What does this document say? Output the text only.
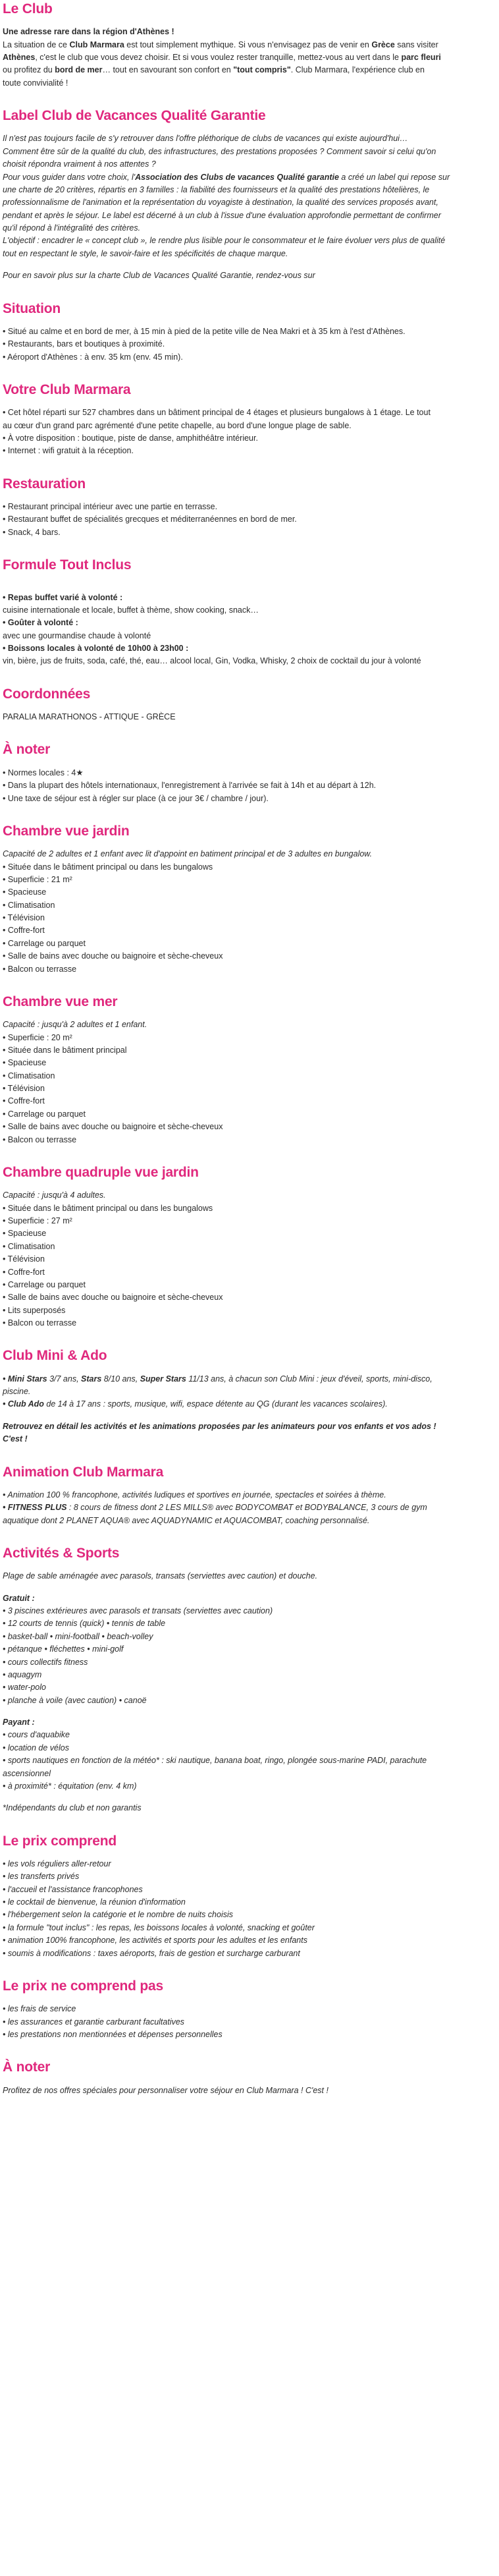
Le Club
Une adresse rare dans la région d'Athènes !
La situation de ce Club Marmara est tout simplement mythique. Si vous n'envisagez pas de venir en Grèce sans visiter
Athènes, c'est le club que vous devez choisir. Et si vous voulez rester tranquille, mettez-vous au vert dans le parc fleuri
ou profitez du bord de mer… tout en savourant son confort en "tout compris". Club Marmara, l'expérience club en
toute convivialité !
Label Club de Vacances Qualité Garantie
Il n'est pas toujours facile de s'y retrouver dans l'offre pléthorique de clubs de vacances qui existe aujourd'hui…
Comment être sûr de la qualité du club, des infrastructures, des prestations proposées ? Comment savoir si celui qu'on
choisit répondra vraiment à nos attentes ?
Pour vous guider dans votre choix, l'Association des Clubs de vacances Qualité garantie a créé un label qui repose sur
une charte de 20 critères, répartis en 3 familles : la fiabilité des fournisseurs et la qualité des prestations hôtelières, le
professionnalisme de l'animation et la représentation du voyagiste à destination, la qualité des services proposés avant,
pendant et après le séjour. Le label est décerné à un club à l'issue d'une évaluation approfondie permettant de confirmer
qu'il répond à l'intégralité des critères.
L'objectif : encadrer le « concept club », le rendre plus lisible pour le consommateur et le faire évoluer vers plus de qualité
tout en respectant le style, le savoir-faire et les spécificités de chaque marque.
Pour en savoir plus sur la charte Club de Vacances Qualité Garantie, rendez-vous sur
Situation
• Situé au calme et en bord de mer, à 15 min à pied de la petite ville de Nea Makri et à 35 km à l'est d'Athènes.
• Restaurants, bars et boutiques à proximité.
• Aéroport d'Athènes : à env. 35 km (env. 45 min).
Votre Club Marmara
• Cet hôtel réparti sur 527 chambres dans un bâtiment principal de 4 étages et plusieurs bungalows à 1 étage. Le tout
au cœur d'un grand parc agrémenté d'une petite chapelle, au bord d'une longue plage de sable.
• À votre disposition : boutique, piste de danse, amphithéâtre intérieur.
• Internet : wifi gratuit à la réception.
Restauration
• Restaurant principal intérieur avec une partie en terrasse.
• Restaurant buffet de spécialités grecques et méditerranéennes en bord de mer.
• Snack, 4 bars.
Formule Tout Inclus
• Repas buffet varié à volonté :
cuisine internationale et locale, buffet à thème, show cooking, snack…
• Goûter à volonté :
avec une gourmandise chaude à volonté
• Boissons locales à volonté de 10h00 à 23h00 :
vin, bière, jus de fruits, soda, café, thé, eau… alcool local, Gin, Vodka, Whisky, 2 choix de cocktail du jour à volonté
Coordonnées
PARALIA MARATHONOS - ATTIQUE - GRÈCE
À noter
• Normes locales : 4★
• Dans la plupart des hôtels internationaux, l'enregistrement à l'arrivée se fait à 14h et au départ à 12h.
• Une taxe de séjour est à régler sur place (à ce jour 3€ / chambre / jour).
Chambre vue jardin
Capacité de 2 adultes et 1 enfant avec lit d'appoint en batiment principal et de 3 adultes en bungalow.
• Située dans le bâtiment principal ou dans les bungalows
• Superficie : 21 m²
• Spacieuse
• Climatisation
• Télévision
• Coffre-fort
• Carrelage ou parquet
• Salle de bains avec douche ou baignoire et sèche-cheveux
• Balcon ou terrasse
Chambre vue mer
Capacité : jusqu'à 2 adultes et 1 enfant.
• Superficie : 20 m²
• Située dans le bâtiment principal
• Spacieuse
• Climatisation
• Télévision
• Coffre-fort
• Carrelage ou parquet
• Salle de bains avec douche ou baignoire et sèche-cheveux
• Balcon ou terrasse
Chambre quadruple vue jardin
Capacité : jusqu'à 4 adultes.
• Située dans le bâtiment principal ou dans les bungalows
• Superficie : 27 m²
• Spacieuse
• Climatisation
• Télévision
• Coffre-fort
• Carrelage ou parquet
• Salle de bains avec douche ou baignoire et sèche-cheveux
• Lits superposés
• Balcon ou terrasse
Club Mini & Ado
• Mini Stars 3/7 ans, Stars 8/10 ans, Super Stars 11/13 ans, à chacun son Club Mini : jeux d'éveil, sports, mini-disco,
piscine.
• Club Ado de 14 à 17 ans : sports, musique, wifi, espace détente au QG (durant les vacances scolaires).
Retrouvez en détail les activités et les animations proposées par les animateurs pour vos enfants et vos ados !
C'est !
Animation Club Marmara
• Animation 100 % francophone, activités ludiques et sportives en journée, spectacles et soirées à thème.
• FITNESS PLUS : 8 cours de fitness dont 2 LES MILLS® avec BODYCOMBAT et BODYBALANCE, 3 cours de gym
aquatique dont 2 PLANET AQUA® avec AQUADYNAMIC et AQUACOMBAT, coaching personnalisé.
Activités & Sports
Plage de sable aménagée avec parasols, transats (serviettes avec caution) et douche.
Gratuit :
• 3 piscines extérieures avec parasols et transats (serviettes avec caution)
• 12 courts de tennis (quick) • tennis de table
• basket-ball • mini-football • beach-volley
• pétanque • fléchettes • mini-golf
• cours collectifs fitness
• aquagym
• water-polo
• planche à voile (avec caution) • canoë
Payant :
• cours d'aquabike
• location de vélos
• sports nautiques en fonction de la météo* : ski nautique, banana boat, ringo, plongée sous-marine PADI, parachute
ascensionnel
• à proximité* : équitation (env. 4 km)
*Indépendants du club et non garantis
Le prix comprend
• les vols réguliers aller-retour
• les transferts privés
• l'accueil et l'assistance francophones
• le cocktail de bienvenue, la réunion d'information
• l'hébergement selon la catégorie et le nombre de nuits choisis
• la formule "tout inclus" : les repas, les boissons locales à volonté, snacking et goûter
• animation 100% francophone, les activités et sports pour les adultes et les enfants
• soumis à modifications : taxes aéroports, frais de gestion et surcharge carburant
Le prix ne comprend pas
• les frais de service
• les assurances et garantie carburant facultatives
• les prestations non mentionnées et dépenses personnelles
À noter
Profitez de nos offres spéciales pour personnaliser votre séjour en Club Marmara ! C'est !
